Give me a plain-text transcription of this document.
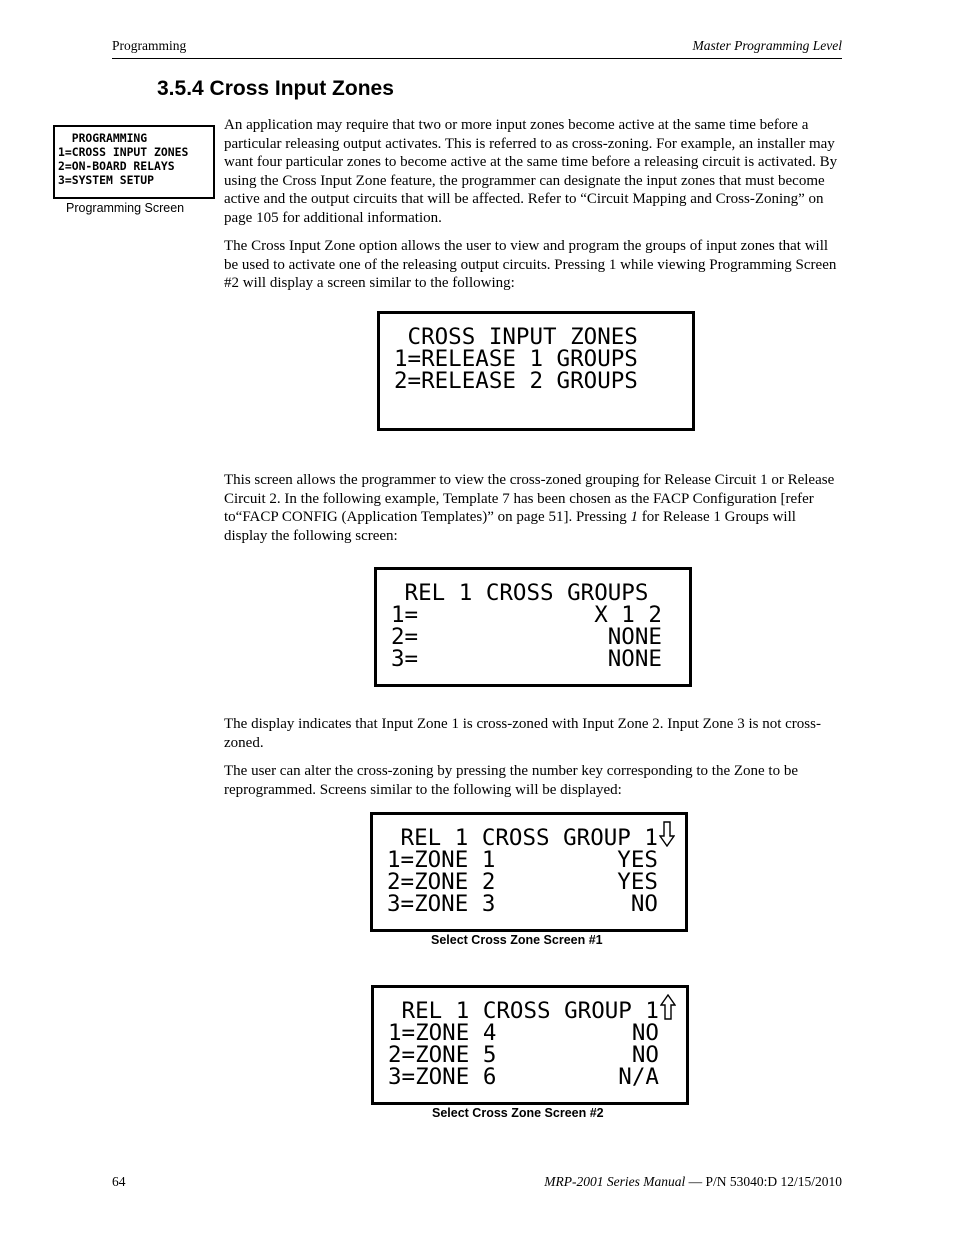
Programming	Master Programming Level
3.5.4 Cross Input Zones
PROGRAMMING
1=CROSS INPUT ZONES
2=ON-BOARD RELAYS
3=SYSTEM SETUP
Programming Screen

An application may require that two or more input zones become active at the same time before a particular releasing output activates. This is referred to as cross-zoning. For example, an installer may want four particular zones to become active at the same time before a releasing circuit is activated. By using the Cross Input Zone feature, the programmer can designate the input zones that must become active and the output circuits that will be affected. Refer to “Circuit Mapping and Cross-Zoning” on page 105 for additional information.

The Cross Input Zone option allows the user to view and program the groups of input zones that will be used to activate one of the releasing output circuits. Pressing 1 while viewing Programming Screen #2 will display a screen similar to the following:

CROSS INPUT ZONES
1=RELEASE 1 GROUPS
2=RELEASE 2 GROUPS

This screen allows the programmer to view the cross-zoned grouping for Release Circuit 1 or Release Circuit 2. In the following example, Template 7 has been chosen as the FACP Configuration [refer to“FACP CONFIG (Application Templates)” on page 51]. Pressing 1 for Release 1 Groups will display the following screen:

REL 1 CROSS GROUPS
1=             X 1 2
2=              NONE
3=              NONE

The display indicates that Input Zone 1 is cross-zoned with Input Zone 2. Input Zone 3 is not cross-zoned.

The user can alter the cross-zoning by pressing the number key corresponding to the Zone to be reprogrammed. Screens similar to the following will be displayed:

REL 1 CROSS GROUP 1
1=ZONE 1         YES
2=ZONE 2         YES
3=ZONE 3          NO
Select Cross Zone Screen #1
REL 1 CROSS GROUP 1
1=ZONE 4          NO
2=ZONE 5          NO
3=ZONE 6         N/A
Select Cross Zone Screen #2
64	MRP-2001 Series Manual — P/N 53040:D 12/15/2010
